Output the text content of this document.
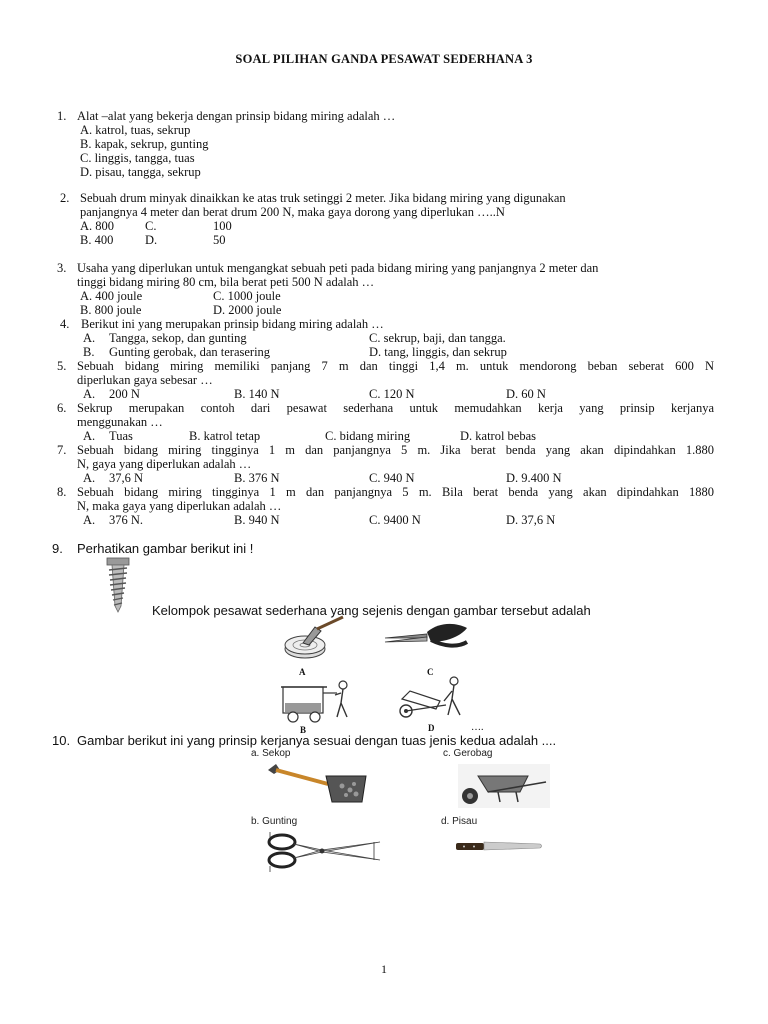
SOAL PILIHAN GANDA PESAWAT SEDERHANA 3
1. Alat –alat yang bekerja dengan prinsip bidang miring adalah …
A. katrol, tuas, sekrup
B. kapak, sekrup, gunting
C. linggis, tangga, tuas
D. pisau, tangga, sekrup
2. Sebuah drum minyak dinaikkan ke atas truk setinggi 2 meter. Jika bidang miring yang digunakan
panjangnya 4 meter dan berat drum 200 N, maka gaya dorong yang diperlukan …..N
A. 800 C.	100
B. 400	D.	50
3. Usaha yang diperlukan untuk mengangkat sebuah peti pada bidang miring yang panjangnya 2 meter dan
tinggi bidang miring 80 cm, bila berat peti 500 N adalah …
A. 400 joule	C. 1000 joule
B. 800 joule	D. 2000 joule
4. Berikut ini yang merupakan prinsip bidang miring adalah …
A. Tangga, sekop, dan gunting	C. sekrup, baji, dan tangga.
B. Gunting gerobak, dan terasering	D. tang, linggis, dan sekrup
5. Sebuah bidang miring memiliki panjang 7 m dan tinggi 1,4 m. untuk mendorong beban seberat 600 N
diperlukan gaya sebesar …
A. 200 N	B. 140 N	C. 120 N	D. 60 N
6. Sekrup merupakan contoh dari pesawat sederhana untuk memudahkan kerja yang prinsip kerjanya
menggunakan …
A. Tuas	B. katrol tetap	C. bidang miring	D. katrol bebas
7. Sebuah bidang miring tingginya 1 m dan panjangnya 5 m. Jika berat benda yang akan dipindahkan 1.880
N, gaya yang diperlukan adalah …
A. 37,6 N	B. 376 N	C. 940 N	D. 9.400 N
8. Sebuah bidang miring tingginya 1 m dan panjangnya 5 m. Bila berat benda yang akan dipindahkan 1880
N, maka gaya yang diperlukan adalah …
A. 376 N.	B. 940 N	C. 9400 N	D. 37,6 N
9. Perhatikan gambar berikut ini !
Kelompok pesawat sederhana yang sejenis dengan gambar tersebut adalah
A	C
B	D	….
10. Gambar berikut ini yang prinsip kerjanya sesuai dengan tuas jenis kedua adalah ....
a. Sekop	c. Gerobag
b. Gunting	d. Pisau
1
